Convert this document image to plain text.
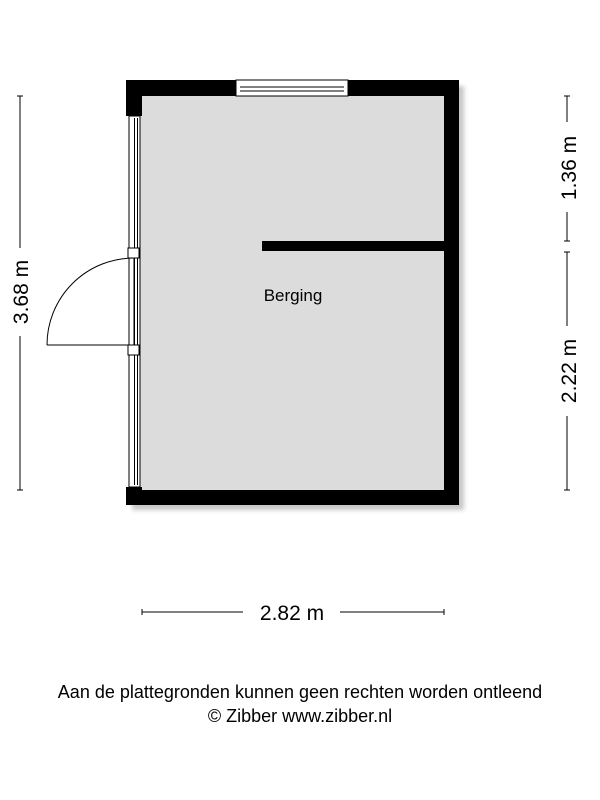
Berging
3.68 m
1.36 m
2.22 m
2.82 m
Aan de plattegronden kunnen geen rechten worden ontleend
© Zibber www.zibber.nl
